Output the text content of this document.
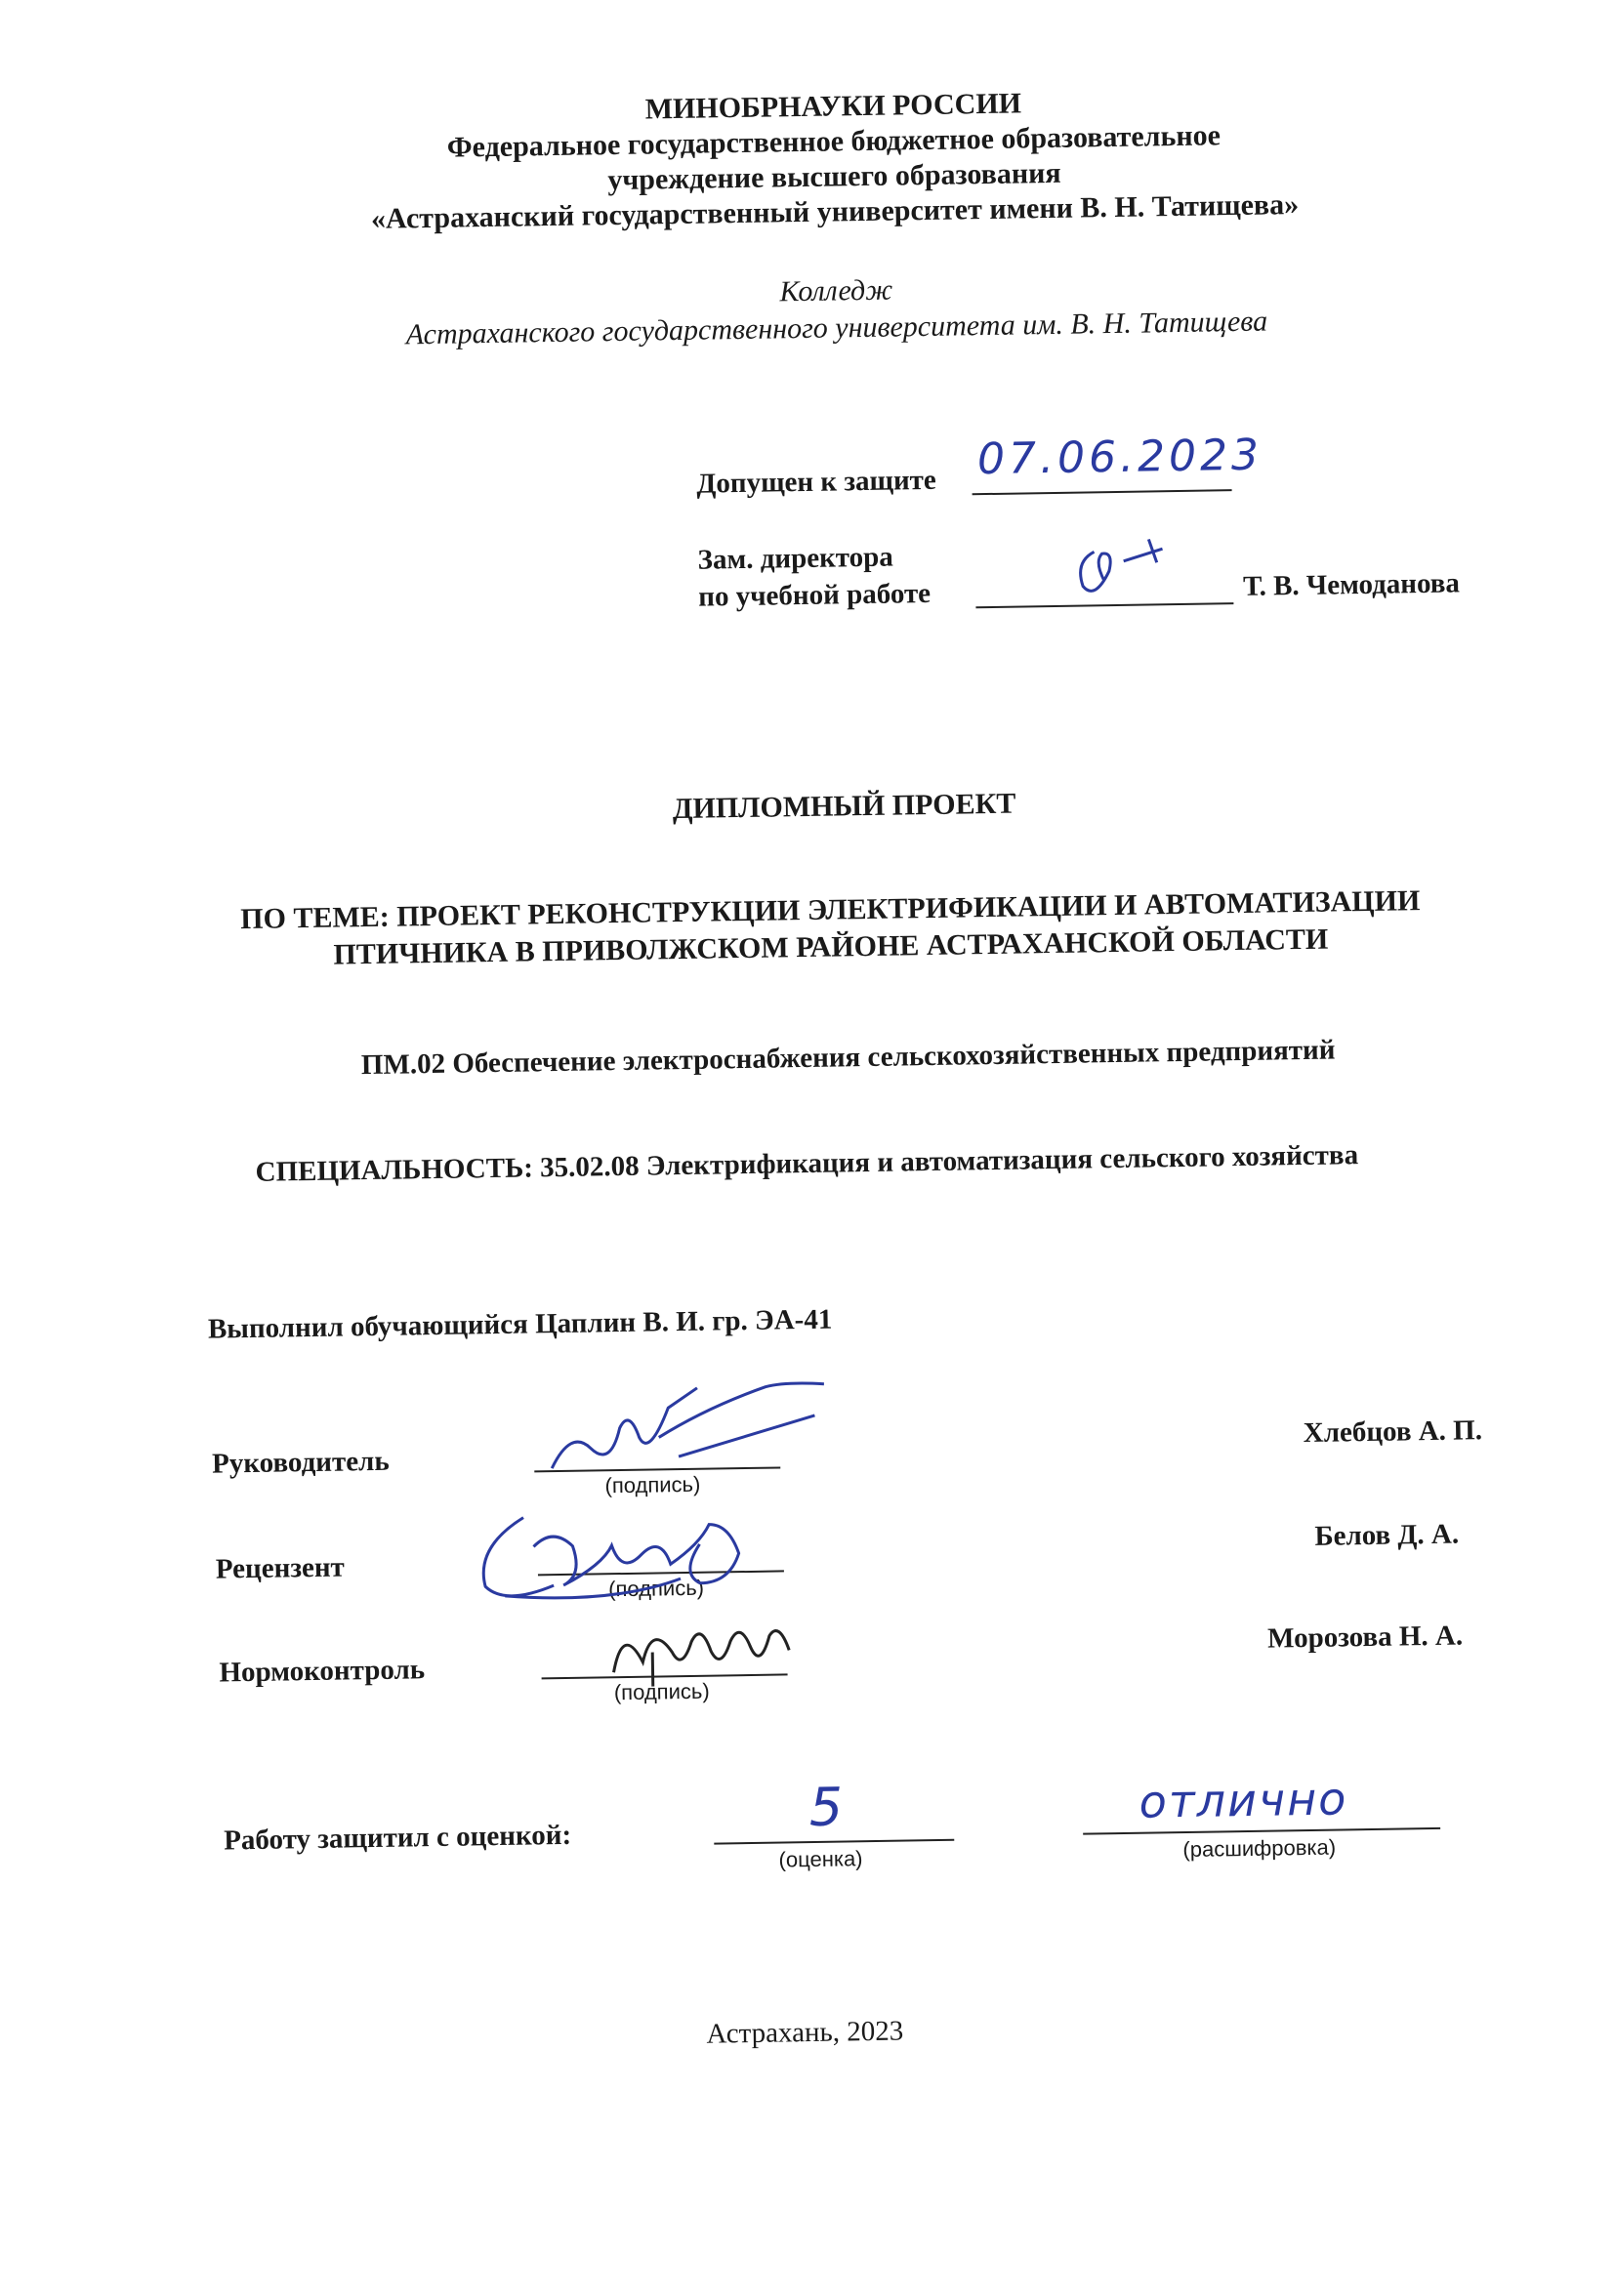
МИНОБРНАУКИ РОССИИ
Федеральное государственное бюджетное образовательное
учреждение высшего образования
«Астраханский государственный университет имени В. Н. Татищева»
Колледж
Астраханского государственного университета им. В. Н. Татищева
Допущен к защите 07.06.2023
Зам. директора
по учебной работе	Т. В. Чемоданова
ДИПЛОМНЫЙ ПРОЕКТ
ПО ТЕМЕ: ПРОЕКТ РЕКОНСТРУКЦИИ ЭЛЕКТРИФИКАЦИИ И АВТОМАТИЗАЦИИ
ПТИЧНИКА В ПРИВОЛЖСКОМ РАЙОНЕ АСТРАХАНСКОЙ ОБЛАСТИ
ПМ.02 Обеспечение электроснабжения сельскохозяйственных предприятий
СПЕЦИАЛЬНОСТЬ: 35.02.08 Электрификация и автоматизация сельского хозяйства
Выполнил обучающийся Цаплин В. И. гр. ЭА-41
Руководитель
(подпись)
Хлебцов А. П.
Рецензент
(подпись)
Белов Д. А.
Нормоконтроль
(подпись)
Морозова Н. А.
Работу защитил с оценкой:	5
(оценка)
отлично
(расшифровка)
Астрахань, 2023
